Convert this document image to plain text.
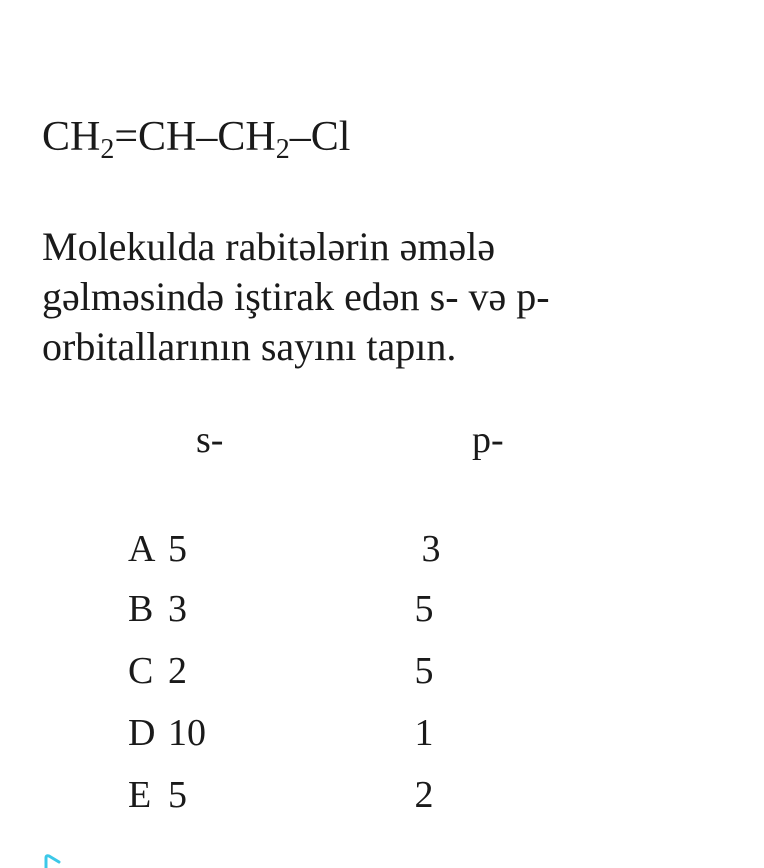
$CH_2=CH-CH_2-Cl$
Molekulda rabitələrin əmələ
gəlməsində iştirak edən s- və p-
orbitallarının sayını tapın.
s-	p-
A 5	3
B 3	5
C 2	5
D 10	1
E 5	2
